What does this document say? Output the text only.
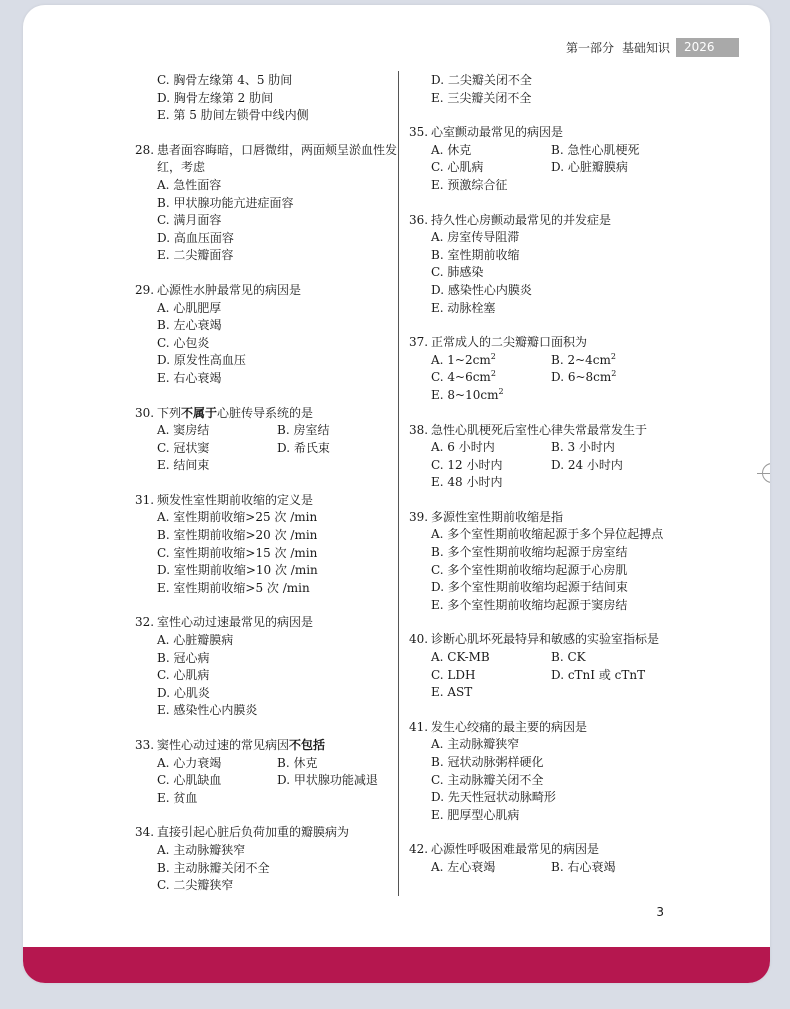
第一部分 基础知识	2026
C. 胸骨左缘第 4、5 肋间
D. 胸骨左缘第 2 肋间
E. 第 5 肋间左锁骨中线内侧
28. 患者面容晦暗，口唇微绀，两面颊呈淤血性发红，考虑
A. 急性面容
B. 甲状腺功能亢进症面容
C. 满月面容
D. 高血压面容
E. 二尖瓣面容
29. 心源性水肿最常见的病因是
A. 心肌肥厚
B. 左心衰竭
C. 心包炎
D. 原发性高血压
E. 右心衰竭
30. 下列不属于心脏传导系统的是
A. 窦房结	B. 房室结
C. 冠状窦	D. 希氏束
E. 结间束
31. 频发性室性期前收缩的定义是
A. 室性期前收缩>25 次 /min
B. 室性期前收缩>20 次 /min
C. 室性期前收缩>15 次 /min
D. 室性期前收缩>10 次 /min
E. 室性期前收缩>5 次 /min
32. 室性心动过速最常见的病因是
A. 心脏瓣膜病
B. 冠心病
C. 心肌病
D. 心肌炎
E. 感染性心内膜炎
33. 窦性心动过速的常见病因不包括
A. 心力衰竭	B. 休克
C. 心肌缺血	D. 甲状腺功能减退
E. 贫血
34. 直接引起心脏后负荷加重的瓣膜病为
A. 主动脉瓣狭窄
B. 主动脉瓣关闭不全
C. 二尖瓣狭窄
D. 二尖瓣关闭不全
E. 三尖瓣关闭不全
35. 心室颤动最常见的病因是
A. 休克	B. 急性心肌梗死
C. 心肌病	D. 心脏瓣膜病
E. 预激综合征
36. 持久性心房颤动最常见的并发症是
A. 房室传导阻滞
B. 室性期前收缩
C. 肺感染
D. 感染性心内膜炎
E. 动脉栓塞
37. 正常成人的二尖瓣瓣口面积为
A. $1\sim 2cm^2$	B. $2\sim 4cm^2$
C. $4\sim 6cm^2$	D. $6\sim 8cm^2$
E. $8\sim 10cm^2$
38. 急性心肌梗死后室性心律失常最常发生于
A. 6 小时内	B. 3 小时内
C. 12 小时内	D. 24 小时内
E. 48 小时内
39. 多源性室性期前收缩是指
A. 多个室性期前收缩起源于多个异位起搏点
B. 多个室性期前收缩均起源于房室结
C. 多个室性期前收缩均起源于心房肌
D. 多个室性期前收缩均起源于结间束
E. 多个室性期前收缩均起源于窦房结
40. 诊断心肌坏死最特异和敏感的实验室指标是
A. CK-MB	B. CK
C. LDH	D. cTnI 或 cTnT
E. AST
41. 发生心绞痛的最主要的病因是
A. 主动脉瓣狭窄
B. 冠状动脉粥样硬化
C. 主动脉瓣关闭不全
D. 先天性冠状动脉畸形
E. 肥厚型心肌病
42. 心源性呼吸困难最常见的病因是
A. 左心衰竭	B. 右心衰竭
3
